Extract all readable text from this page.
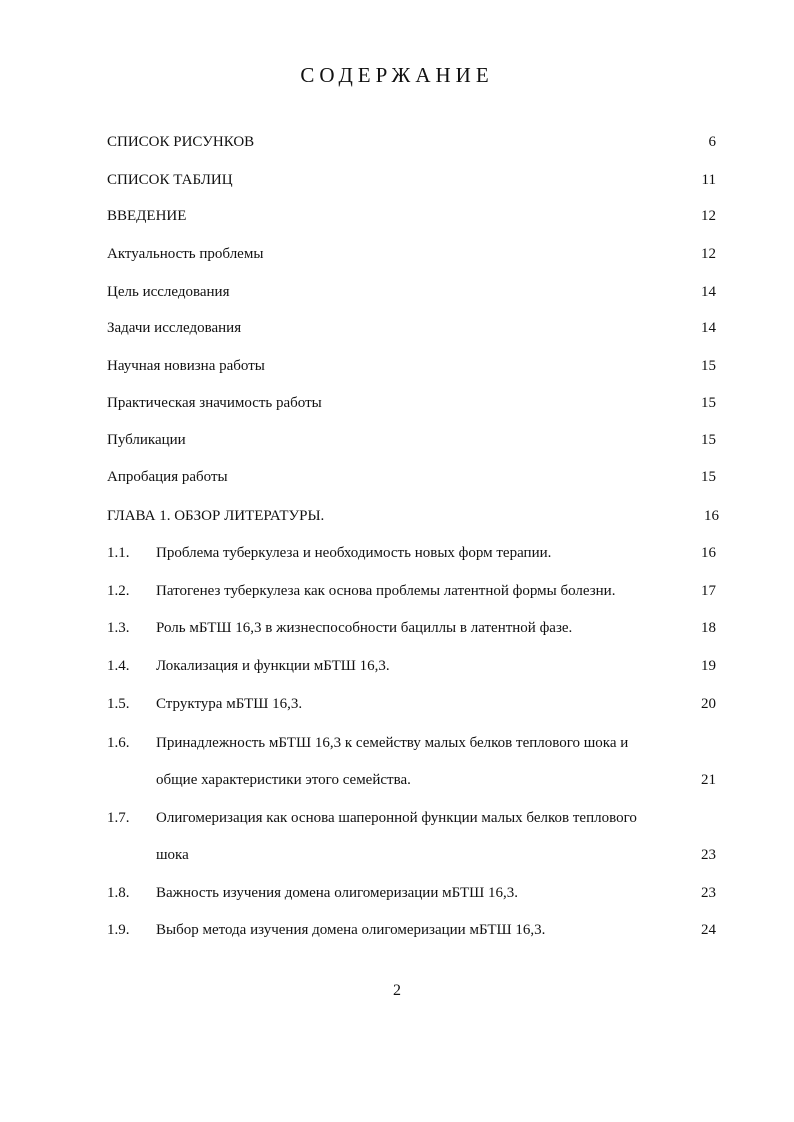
СОДЕРЖАНИЕ
СПИСОК РИСУНКОВ	6
СПИСОК ТАБЛИЦ	11
ВВЕДЕНИЕ	12
Актуальность проблемы	12
Цель исследования	14
Задачи исследования	14
Научная новизна работы	15
Практическая значимость работы	15
Публикации	15
Апробация работы	15
ГЛАВА 1. ОБЗОР ЛИТЕРАТУРЫ.	16
1.1. Проблема туберкулеза и необходимость новых форм терапии.	16
1.2. Патогенез туберкулеза как основа проблемы латентной формы болезни.	17
1.3. Роль мБТШ 16,3 в жизнеспособности бациллы в латентной фазе.	18
1.4. Локализация и функции мБТШ 16,3.	19
1.5. Структура мБТШ 16,3.	20
1.6. Принадлежность мБТШ 16,3 к семейству малых белков теплового шока и
общие характеристики этого семейства.	21
1.7. Олигомеризация как основа шаперонной функции малых белков теплового
шока	23
1.8. Важность изучения домена олигомеризации мБТШ 16,3.	23
1.9. Выбор метода изучения домена олигомеризации мБТШ 16,3.	24
2
